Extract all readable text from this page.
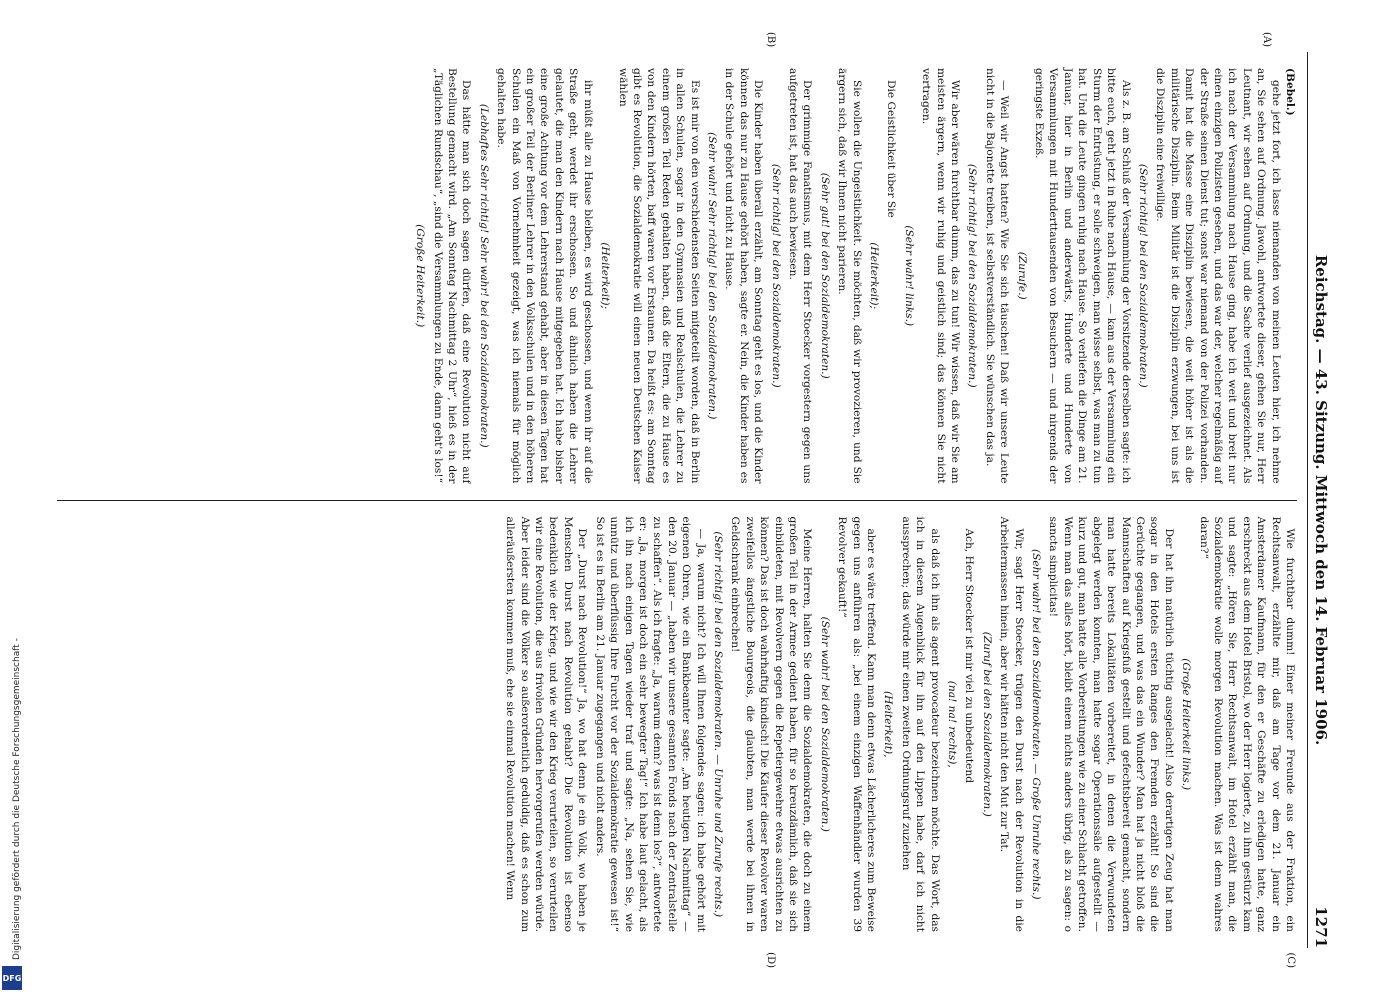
Digitalisierung gefördert durch die Deutsche Forschungsgemeinschaft -
DFG
Reichstag. — 43. Sitzung. Mittwoch den 14. Februar 1906.
1271
(Bebel.)
(A)
(B)

gehe jetzt fort, ich lasse niemanden von meinen Leuten hier, ich nehme an, Sie sehen auf Ordnung. Jawohl, antwortete dieser, gehen Sie nur, Herr Leutnant, wir sehen auf Ordnung, und die Sache verlief ausgezeichnet. Als ich nach der Versammlung nach Hause ging, habe ich weit und breit nur einen einzigen Polizisten gesehen, und das war der, welcher regelmäßig auf der Straße seinen Dienst tut; sonst war niemand von der Polizei vorhanden. Damit hat die Masse eine Disziplin bewiesen, die weit höher ist als die militärische Disziplin. Beim Militär ist die Disziplin erzwungen, bei uns ist die Disziplin eine freiwillige.

(Sehr richtig! bei den Sozialdemokraten.)

Als z. B. am Schluß der Versammlung der Vorsitzende derselben sagte: ich bitte euch, geht jetzt in Ruhe nach Hause, — kam aus der Versammlung ein Sturm der Entrüstung, er solle schweigen, man wisse selbst, was man zu tun hat. Und die Leute gingen ruhig nach Hause. So verliefen die Dinge am 21. Januar, hier in Berlin und anderwärts, Hunderte und Hunderte von Versammlungen mit Hunderttausenden von Besuchern — und nirgends der geringste Exzeß.

(Zurufe.)

— Weil wir Angst hatten? Wie Sie sich täuschen! Daß wir unsere Leute nicht in die Bajonette treiben, ist selbstverständlich. Sie wünschen das ja.

(Sehr richtig! bei den Sozialdemokraten.)

Wir aber wären furchtbar dumm, das zu tun! Wir wissen, daß wir Sie am meisten ärgern, wenn wir ruhig und geistlich sind; das können Sie nicht vertragen.

(Sehr wahr! links.)

Die Geistlichkeit über Sie

(Heiterkeit);

Sie wollen die Ungeistlichkeit. Sie möchten, daß wir provozieren, und Sie ärgern sich, daß wir Ihnen nicht parieren.

(Sehr gut! bei den Sozialdemokraten.)

Der grimmige Fanatismus, mit dem Herr Stoecker vorgestern gegen uns aufgetreten ist, hat das auch bewiesen.

(Sehr richtig! bei den Sozialdemokraten.)

Die Kinder haben überall erzählt, am Sonntag geht es los, und die Kinder können das nur zu Hause gehört haben, sagte er. Nein, die Kinder haben es in der Schule gehört und nicht zu Hause.

(Sehr wahr! Sehr richtig! bei den Sozialdemokraten.)

Es ist mir von den verschiedensten Seiten mitgeteilt worden, daß in Berlin in allen Schulen, sogar in den Gymnasien und Realschulen, die Lehrer zu einem großen Teil Reden gehalten haben, daß die Eltern, die zu Hause es von den Kindern hörten, baff waren vor Erstaunen. Da heißt es: am Sonntag gibt es Revolution, die Sozialdemokratie will einen neuen Deutschen Kaiser wählen

(Heiterkeit);

ihr müßt alle zu Hause bleiben, es wird geschossen, und wenn ihr auf die Straße geht, werdet ihr erschossen. So und ähnlich haben die Lehrer gelautet, die man den Kindern nach Hause mitgegeben hat. Ich habe bisher eine große Achtung vor dem Lehrerstand gehabt, aber in diesen Tagen hat ein großer Teil der Berliner Lehrer in den Volksschulen und in den höheren Schulen ein Maß von Vornehmheit gezeigt, was ich niemals für möglich gehalten habe.

(Lebhaftes Sehr richtig! Sehr wahr! bei den Sozialdemokraten.)

Das hätte man sich doch sagen dürfen, daß eine Revolution nicht auf Bestellung gemacht wird. „Am Sonntag Nachmittag 2 Uhr“, hieß es in der „Täglichen Rundschau“, „sind die Versammlungen zu Ende, dann geht's los!“

(Große Heiterkeit.)

(C)
(D)

Wie furchtbar dumm! Einer meiner Freunde aus der Fraktion, ein Rechtsanwalt, erzählte mir, daß am Tage vor dem 21. Januar ein Amsterdamer Kaufmann, für den er Geschäfte zu erledigen hatte, ganz erschreckt aus dem Hotel Bristol, wo der Herr logierte, zu ihm gestürzt kam und sagte: „Hören Sie, Herr Rechtsanwalt, im Hotel erzählt man, die Sozialdemokratie wolle morgen Revolution machen. Was ist denn wahres daran?“

(Große Heiterkeit links.)

Der hat ihn natürlich tüchtig ausgelacht! Also derartigen Zeug hat man sogar in den Hotels ersten Ranges den Fremden erzählt! So sind die Gerüchte gegangen, und was das ein Wunder? Man hat ja nicht bloß die Mannschaften auf Kriegsfuß gestellt und gefechtsbereit gemacht, sondern man hatte bereits Lokalitäten vorbereitet, in denen die Verwundeten abgelegt werden konnten, man hatte sogar Operationssäle aufgestellt — kurz und gut, man hatte alle Vorbereitungen wie zu einer Schlacht getroffen. Wenn man das alles hört, bleibt einem nichts anders übrig, als zu sagen: o sancta simplicitas!

(Sehr wahr! bei den Sozialdemokraten. — Große Unruhe rechts.)

Wir, sagt Herr Stoecker, trügen den Durst nach der Revolution in die Arbeitermassen hinein, aber wir hätten nicht den Mut zur Tat.

(Zuruf bei den Sozialdemokraten.)

Ach, Herr Stoecker ist mir viel zu unbedeutend

(na! na! rechts),

als daß ich ihn als agent provocateur bezeichnen möchte. Das Wort, das ich in diesem Augenblick für ihn auf den Lippen habe, darf ich nicht aussprechen; das würde mir einen zweiten Ordnungsruf zuziehen

(Heiterkeit),

aber es wäre treffend. Kann man denn etwas Lächerlicheres zum Beweise gegen uns anführen als: „bei einem einzigen Waffenhändler wurden 39 Revolver gekauft!“

(Sehr wahr! bei den Sozialdemokraten.)

Meine Herren, halten Sie denn die Sozialdemokraten, die doch zu einem großen Teil in der Armee gedient haben, für so kreuzdämlich, daß sie sich einbildeten, mit Revolvern gegen die Repetiergewehre etwas ausrichten zu können? Das ist doch wahrhaftig kindisch! Die Käufer dieser Revolver waren zweifellos ängstliche Bourgeois, die glaubten, man werde bei ihnen in Geldschrank einbrechen!

(Sehr richtig! bei den Sozialdemokraten. — Unruhe und Zurufe rechts.)

— Ja, warum nicht? Ich will Ihnen folgendes sagen: ich habe gehört mit eigenen Ohren, wie ein Bankbeamter sagte: „Am heutigen Nachmittag“ — den 20. Januar — „haben wir unsere gesamten Fonds nach der Zentralstelle zu schaffen“. Als ich fragte: „Ja, warum denn? was ist denn los?“, antwortete er: „Ja, morgen ist doch ein sehr bewegter Tag!“ Ich habe laut gelacht, als ich ihn nach einigen Tagen wieder traf und sagte: „Na, sehen Sie, wie unnütz und überflüssig Ihre Furcht vor der Sozialdemokratie gewesen ist!“ So ist es in Berlin am 21. Januar zugegangen und nicht anders.

Der „Durst nach Revolution!“ Ja, wo hat denn je ein Volk, wo haben je Menschen Durst nach Revolution gehabt? Die Revolution ist ebenso bedenklich wie der Krieg, und wie wir den Krieg verurteilen, so verurteilen wir eine Revolution, die aus frivolen Gründen hervorgerufen werden würde. Aber leider sind die Völker so außerordentlich geduldig, daß es schon zum alleräußersten kommen muß, ehe sie einmal Revolution machen! Wenn
